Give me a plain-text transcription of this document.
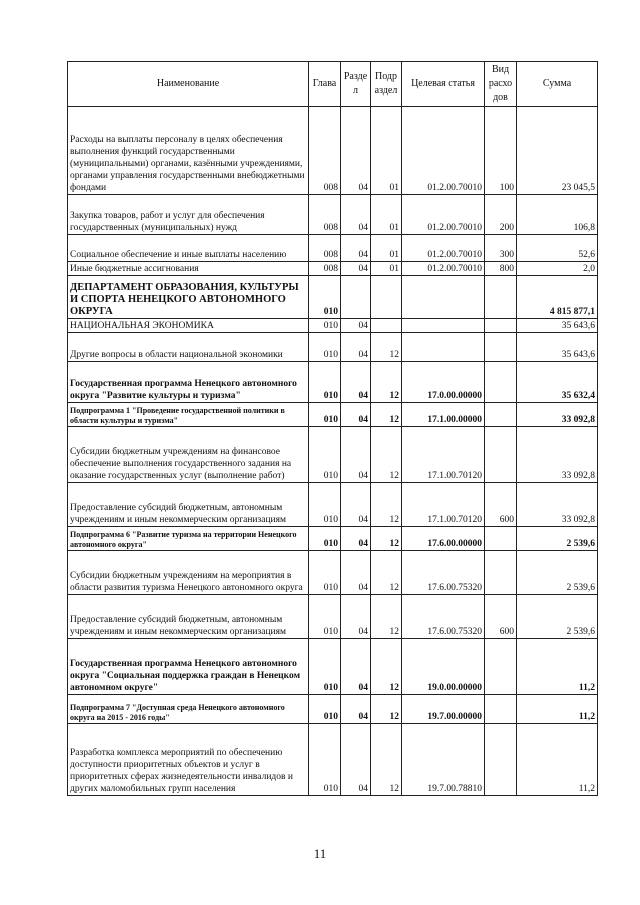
Наименование	Глава	Разде л	Подр аздел	Целевая статья	Вид расхо дов	Сумма
Расходы на выплаты персоналу в целях обеспечения выполнения функций государственными (муниципальными) органами, казёнными учреждениями, органами управления государственными внебюджетными фондами	008	04	01	01.2.00.70010	100	23 045,5
Закупка товаров, работ и услуг для обеспечения государственных (муниципальных) нужд	008	04	01	01.2.00.70010	200	106,8
Социальное обеспечение и иные выплаты населению	008	04	01	01.2.00.70010	300	52,6
Иные бюджетные ассигнования	008	04	01	01.2.00.70010	800	2,0
ДЕПАРТАМЕНТ ОБРАЗОВАНИЯ, КУЛЬТУРЫ И СПОРТА НЕНЕЦКОГО АВТОНОМНОГО ОКРУГА	010					4 815 877,1
НАЦИОНАЛЬНАЯ ЭКОНОМИКА	010	04				35 643,6
Другие вопросы в области национальной экономики	010	04	12			35 643,6
Государственная программа Ненецкого автономного округа "Развитие культуры и туризма"	010	04	12	17.0.00.00000		35 632,4
Подпрограмма 1 "Проведение государственной политики в области культуры и туризма"	010	04	12	17.1.00.00000		33 092,8
Субсидии бюджетным учреждениям на финансовое обеспечение выполнения государственного задания на оказание государственных услуг (выполнение работ)	010	04	12	17.1.00.70120		33 092,8
Предоставление субсидий бюджетным, автономным учреждениям и иным некоммерческим организациям	010	04	12	17.1.00.70120	600	33 092,8
Подпрограмма 6 "Развитие туризма на территории Ненецкого автономного округа"	010	04	12	17.6.00.00000		2 539,6
Субсидии бюджетным учреждениям на мероприятия в области развития туризма Ненецкого автономного округа	010	04	12	17.6.00.75320		2 539,6
Предоставление субсидий бюджетным, автономным учреждениям и иным некоммерческим организациям	010	04	12	17.6.00.75320	600	2 539,6
Государственная программа Ненецкого автономного округа "Социальная поддержка граждан в Ненецком автономном округе"	010	04	12	19.0.00.00000		11,2
Подпрограмма 7 "Доступная среда Ненецкого автономного округа на 2015 - 2016 годы"	010	04	12	19.7.00.00000		11,2
Разработка комплекса мероприятий по обеспечению доступности приоритетных объектов и услуг в приоритетных сферах жизнедеятельности инвалидов и других маломобильных групп населения	010	04	12	19.7.00.78810		11,2
11
